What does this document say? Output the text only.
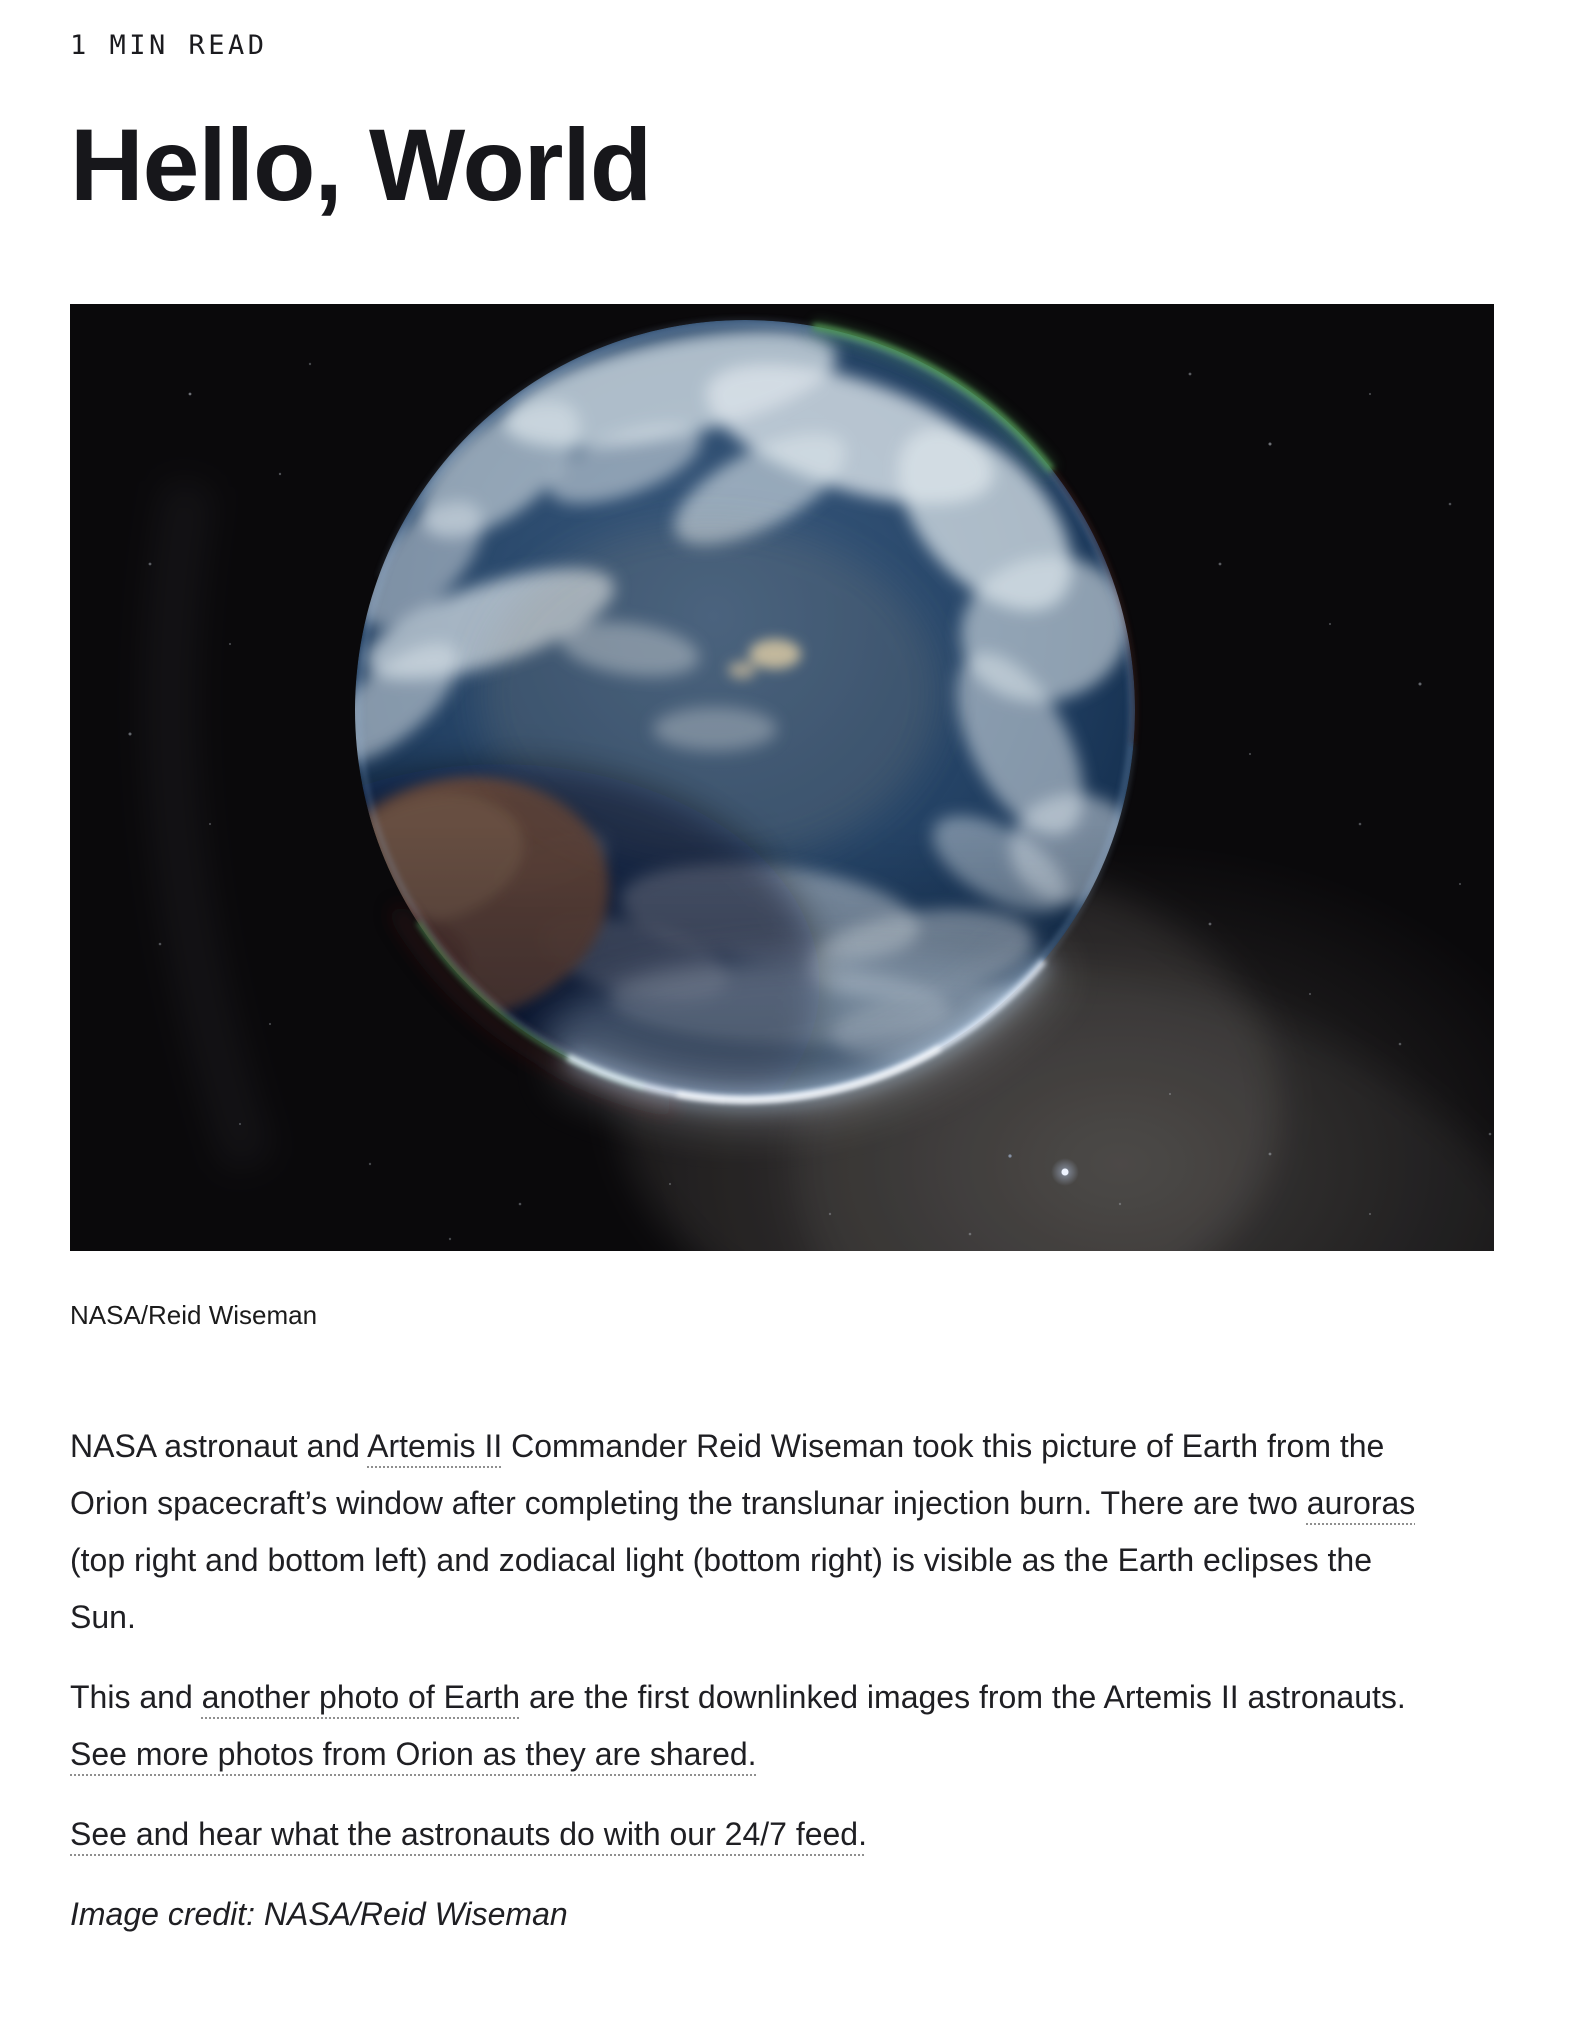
1 MIN READ
Hello, World
NASA/Reid Wiseman

NASA astronaut and Artemis II Commander Reid Wiseman took this picture of Earth from the Orion spacecraft’s window after completing the translunar injection burn. There are two auroras (top right and bottom left) and zodiacal light (bottom right) is visible as the Earth eclipses the Sun.

This and another photo of Earth are the first downlinked images from the Artemis II astronauts. See more photos from Orion as they are shared.

See and hear what the astronauts do with our 24/7 feed.

Image credit: NASA/Reid Wiseman
